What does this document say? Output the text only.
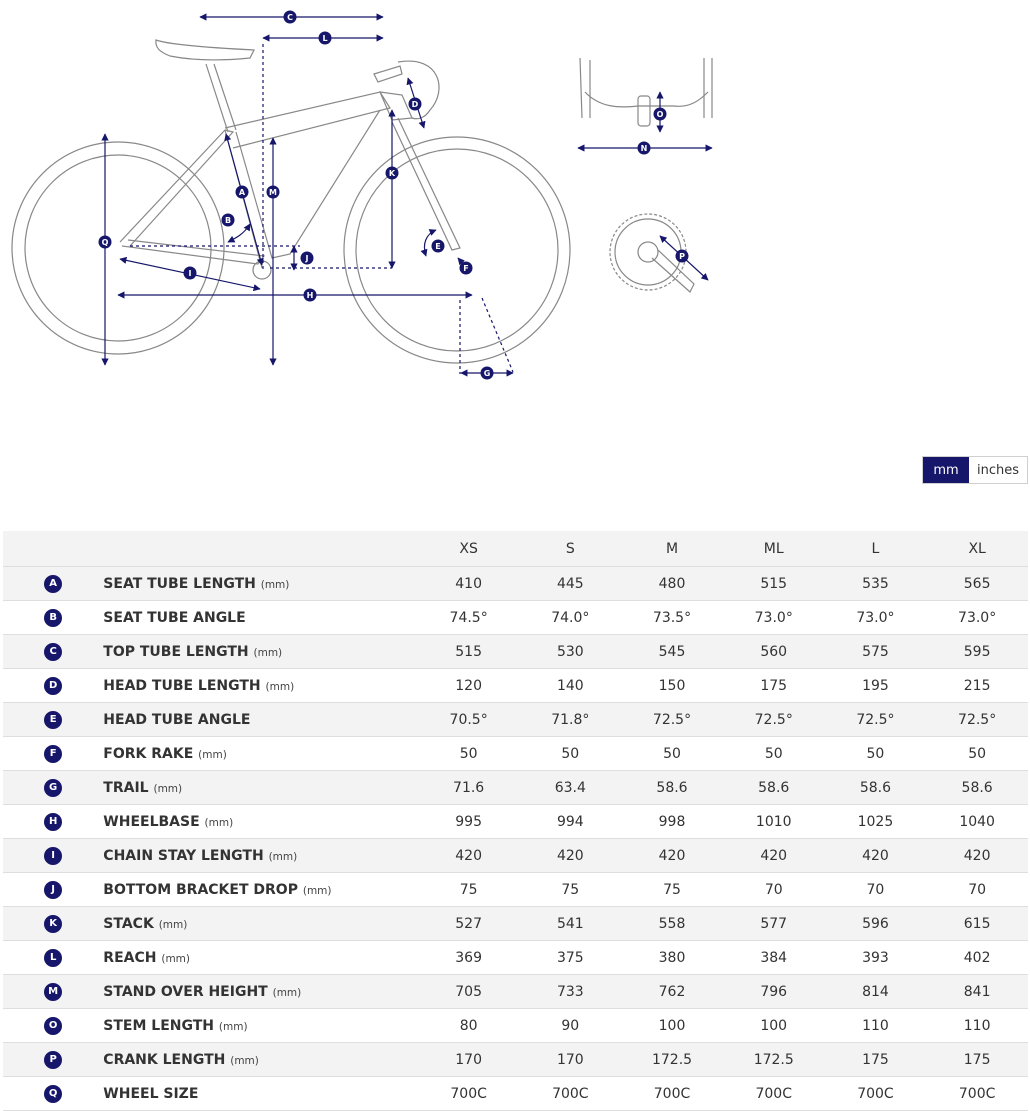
C
L
D
M
A
B
K
Q	E
J
F
I
H
G
O
N
P
mm	inches
		XS	S	M	ML	L	XL
A	SEAT TUBE LENGTH (mm)	410	445	480	515	535	565
B	SEAT TUBE ANGLE	74.5°	74.0°	73.5°	73.0°	73.0°	73.0°
C	TOP TUBE LENGTH (mm)	515	530	545	560	575	595
D	HEAD TUBE LENGTH (mm)	120	140	150	175	195	215
E	HEAD TUBE ANGLE	70.5°	71.8°	72.5°	72.5°	72.5°	72.5°
F	FORK RAKE (mm)	50	50	50	50	50	50
G	TRAIL (mm)	71.6	63.4	58.6	58.6	58.6	58.6
H	WHEELBASE (mm)	995	994	998	1010	1025	1040
I	CHAIN STAY LENGTH (mm)	420	420	420	420	420	420
J	BOTTOM BRACKET DROP (mm)	75	75	75	70	70	70
K	STACK (mm)	527	541	558	577	596	615
L	REACH (mm)	369	375	380	384	393	402
M	STAND OVER HEIGHT (mm)	705	733	762	796	814	841
O	STEM LENGTH (mm)	80	90	100	100	110	110
P	CRANK LENGTH (mm)	170	170	172.5	172.5	175	175
Q	WHEEL SIZE	700C	700C	700C	700C	700C	700C
